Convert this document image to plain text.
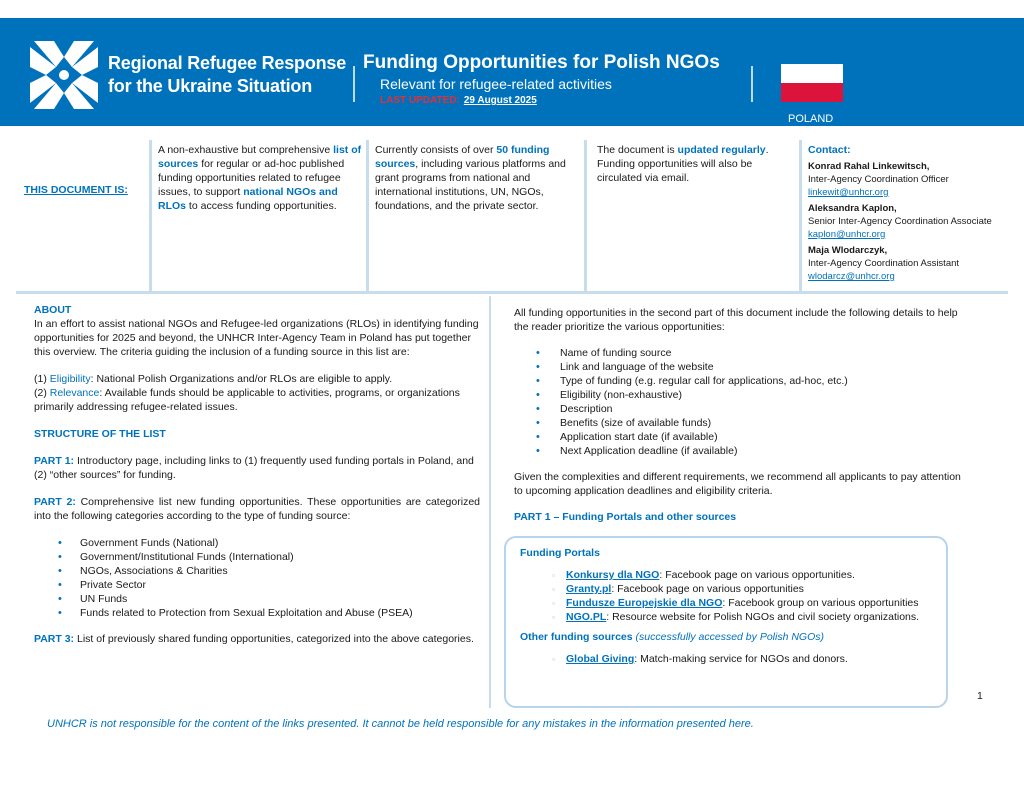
Regional Refugee Response
for the Ukraine Situation
Funding Opportunities for Polish NGOs
Relevant for refugee-related activities
LAST UPDATED: 29 August 2025
POLAND
THIS DOCUMENT IS:
A non-exhaustive but comprehensive list of sources for regular or ad-hoc published funding opportunities related to refugee issues, to support national NGOs and RLOs to access funding opportunities.
Currently consists of over 50 funding sources, including various platforms and grant programs from national and international institutions, UN, NGOs, foundations, and the private sector.
The document is updated regularly. Funding opportunities will also be circulated via email.
Contact:
Konrad Rahal Linkewitsch,
Inter-Agency Coordination Officer
linkewit@unhcr.org
Aleksandra Kaplon,
Senior Inter-Agency Coordination Associate
kaplon@unhcr.org
Maja Wlodarczyk,
Inter-Agency Coordination Assistant
wlodarcz@unhcr.org
ABOUT

In an effort to assist national NGOs and Refugee-led organizations (RLOs) in identifying funding opportunities for 2025 and beyond, the UNHCR Inter-Agency Team in Poland has put together this overview. The criteria guiding the inclusion of a funding source in this list are:

(1) Eligibility: National Polish Organizations and/or RLOs are eligible to apply.
(2) Relevance: Available funds should be applicable to activities, programs, or organizations primarily addressing refugee-related issues.

STRUCTURE OF THE LIST

PART 1: Introductory page, including links to (1) frequently used funding portals in Poland, and (2) “other sources” for funding.

PART 2: Comprehensive list new funding opportunities. These opportunities are categorized into the following categories according to the type of funding source:

• Government Funds (National)
• Government/Institutional Funds (International)
• NGOs, Associations & Charities
• Private Sector
• UN Funds
• Funds related to Protection from Sexual Exploitation and Abuse (PSEA)

PART 3: List of previously shared funding opportunities, categorized into the above categories.

All funding opportunities in the second part of this document include the following details to help the reader prioritize the various opportunities:

• Name of funding source
• Link and language of the website
• Type of funding (e.g. regular call for applications, ad-hoc, etc.)
• Eligibility (non-exhaustive)
• Description
• Benefits (size of available funds)
• Application start date (if available)
• Next Application deadline (if available)

Given the complexities and different requirements, we recommend all applicants to pay attention to upcoming application deadlines and eligibility criteria.

PART 1 – Funding Portals and other sources

Funding Portals
▫ Konkursy dla NGO: Facebook page on various opportunities.
▫ Granty.pl: Facebook page on various opportunities
▫ Fundusze Europejskie dla NGO: Facebook group on various opportunities
▫ NGO.PL: Resource website for Polish NGOs and civil society organizations.
Other funding sources (successfully accessed by Polish NGOs)
▫ Global Giving: Match-making service for NGOs and donors.
1
UNHCR is not responsible for the content of the links presented. It cannot be held responsible for any mistakes in the information presented here.
